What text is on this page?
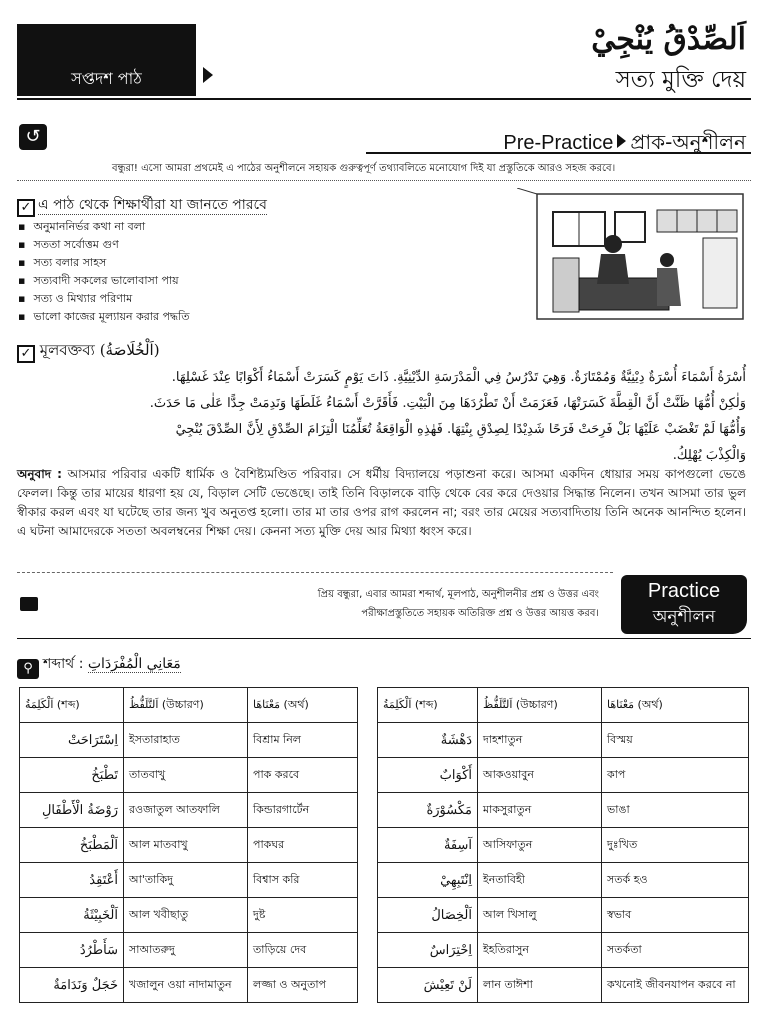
সপ্তদশ পাঠ
اَلصِّدْقُ يُنْجِيْ
সত্য মুক্তি দেয়
↺	Pre-Practice প্রাক-অনুশীলন
বন্ধুরা! এসো আমরা প্রথমেই এ পাঠের অনুশীলনে সহায়ক গুরুত্বপূর্ণ তথ্যাবলিতে মনোযোগ দিই যা প্রস্তুতিকে আরও সহজ করবে।
✓ এ পাঠ থেকে শিক্ষার্থীরা যা জানতে পারবে
▪ অনুমাননির্ভর কথা না বলা
▪ সততা সর্বোত্তম গুণ
▪ সত্য বলার সাহস
▪ সত্যবাদী সকলের ভালোবাসা পায়
▪ সত্য ও মিথ্যার পরিণাম
▪ ভালো কাজের মূল্যায়ন করার পদ্ধতি
✓ মূলবক্তব্য (اَلْخُلَاصَةُ)
أُسْرَةُ أَسْمَاءَ أُسْرَةٌ دِيْنِيَّةٌ وَمُمْتَازَةٌ. وَهِيَ تَدْرُسُ فِي الْمَدْرَسَةِ الدِّيْنِيَّةِ. ذَاتَ يَوْمٍ كَسَرَتْ أَسْمَاءُ أَكْوَابًا عِنْدَ غَسْلِهَا.
وَلٰكِنْ أُمُّهَا ظَنَّتْ أَنَّ الْقِطَّةَ كَسَرَتْهَا، فَعَزَمَتْ أَنْ تَطْرُدَهَا مِنَ الْبَيْتِ. فَأَقَرَّتْ أَسْمَاءُ غَلَطَهَا وَنَدِمَتْ جِدًّا عَلٰى مَا حَدَثَ.
وَأُمُّهَا لَمْ تَغْضَبْ عَلَيْهَا بَلْ فَرِحَتْ فَرَحًا شَدِيْدًا لِصِدْقِ بِنْتِهَا. فَهٰذِهِ الْوَاقِعَةُ تُعَلِّمُنَا الْتِزَامَ الصِّدْقِ لِأَنَّ الصِّدْقَ يُنْجِيْ
وَالْكِذْبَ يُهْلِكُ.
অনুবাদ : আসমার পরিবার একটি ধার্মিক ও বৈশিষ্ট্যমণ্ডিত পরিবার। সে ধর্মীয় বিদ্যালয়ে পড়াশুনা করে। আসমা একদিন ধোয়ার সময় কাপগুলো ভেঙে ফেলল। কিন্তু তার মায়ের ধারণা হয় যে, বিড়াল সেটি ভেঙেছে। তাই তিনি বিড়ালকে বাড়ি থেকে বের করে দেওয়ার সিদ্ধান্ত নিলেন। তখন আসমা তার ভুল স্বীকার করল এবং যা ঘটেছে তার জন্য খুব অনুতপ্ত হলো। তার মা তার ওপর রাগ করলেন না; বরং তার মেয়ের সত্যবাদিতায় তিনি অনেক আনন্দিত হলেন। এ ঘটনা আমাদেরকে সততা অবলম্বনের শিক্ষা দেয়। কেননা সত্য মুক্তি দেয় আর মিথ্যা ধ্বংস করে।
প্রিয় বন্ধুরা, এবার আমরা শব্দার্থ, মূলপাঠ, অনুশীলনীর প্রশ্ন ও উত্তর এবং
পরীক্ষাপ্রস্তুতিতে সহায়ক অতিরিক্ত প্রশ্ন ও উত্তর আয়ত্ত করব।
Practice
অনুশীলন
⚲ শব্দার্থ : مَعَانِي الْمُفْرَدَاتِ
اَلْكَلِمَةُ (শব্দ)	اَلتَّلَفُّظُ (উচ্চারণ)	مَعْنَاهَا (অর্থ)
اِسْتَرَاحَتْ	ইসতারাহাত	বিশ্রাম নিল
تَطْبَخُ	তাতবাখু	পাক করবে
رَوْضَةُ الْأَطْفَالِ	রওজাতুল আতফালি	কিন্ডারগার্টেন
اَلْمَطْبَخُ	আল মাতবাখু	পাকঘর
أَعْتَقِدُ	আ'তাকিদু	বিশ্বাস করি
اَلْخَبِيْثَةُ	আল খবীছাতু	দুষ্ট
سَأَطْرُدُ	সাআতরুদু	তাড়িয়ে দেব
خَجَلٌ وَنَدَامَةٌ	খজালুন ওয়া নাদামাতুন	লজ্জা ও অনুতাপ
اَلْكَلِمَةُ (শব্দ)	اَلتَّلَفُّظُ (উচ্চারণ)	مَعْنَاهَا (অর্থ)
دَهْشَةٌ	দাহশাতুন	বিস্ময়
أَكْوَابٌ	আকওয়াবুন	কাপ
مَكْسُوْرَةٌ	মাকসুরাতুন	ভাঙা
آسِفَةٌ	আসিফাতুন	দুঃখিত
اِنْتَبِهِيْ	ইনতাবিহী	সতর্ক হও
اَلْخِصَالُ	আল খিসালু	স্বভাব
اِحْتِرَاسٌ	ইহতিরাসুন	সতর্কতা
لَنْ تَعِيْشَ	লান তাঈশা	কখনোই জীবনযাপন করবে না
